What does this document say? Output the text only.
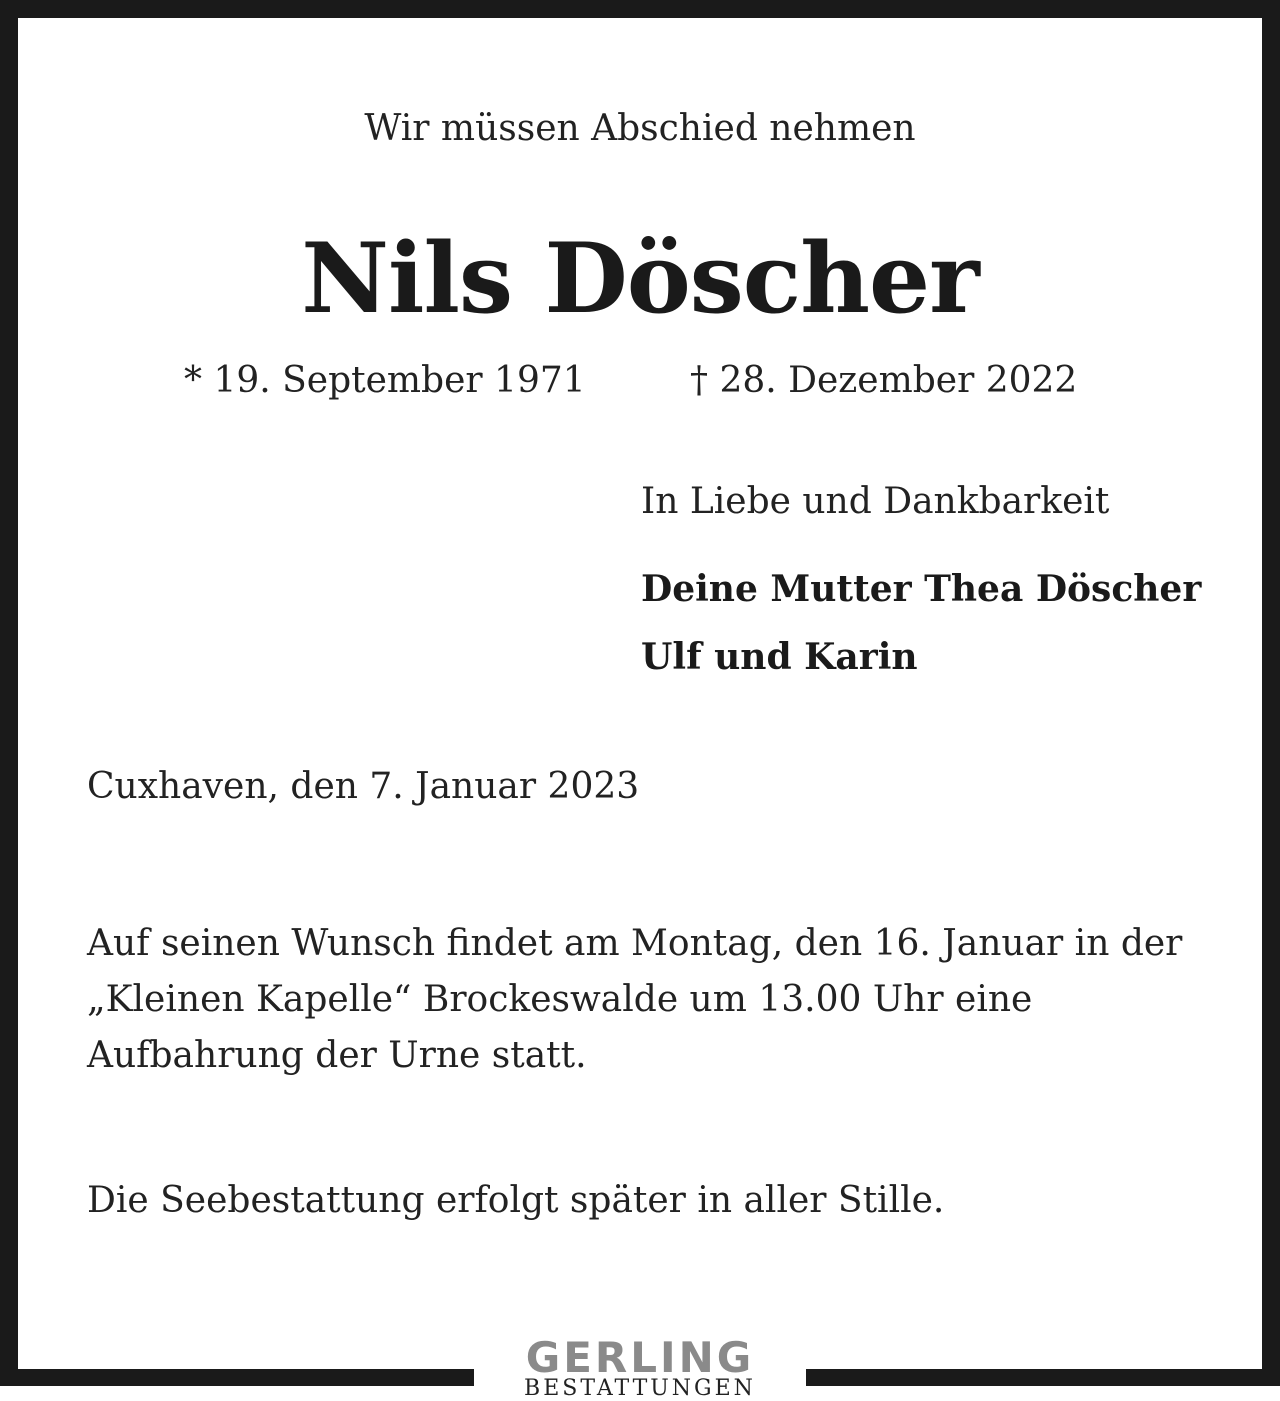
Wir müssen Abschied nehmen
Nils Döscher
* 19. September 1971	† 28. Dezember 2022
In Liebe und Dankbarkeit
Deine Mutter Thea Döscher
Ulf und Karin
Cuxhaven, den 7. Januar 2023
Auf seinen Wunsch findet am Montag, den 16. Januar in der „Kleinen Kapelle“ Brockeswalde um 13.00 Uhr eine Aufbahrung der Urne statt.
Die Seebestattung erfolgt später in aller Stille.
GERLING
BESTATTUNGEN
